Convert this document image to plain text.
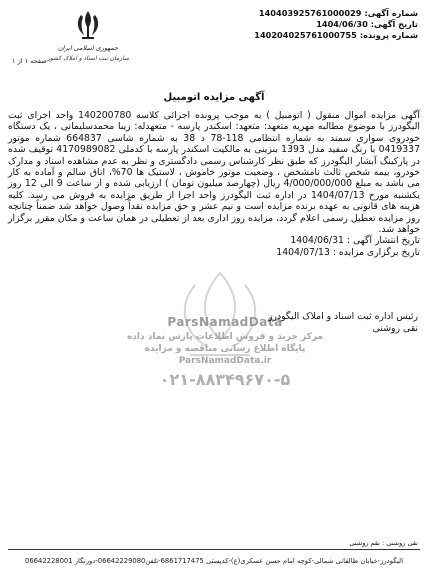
شماره آگهی:140403925761000029
تاریخ آگهی:1404/06/30
شماره پرونده:140204025761000755
جمهوری اسلامی ایران
سازمان ثبت اسناد و املاک کشور
صفحه ۱ از ۱
آگهی مزایده اتومبیل

آگهی مزایده اموال منقول ( اتومبیل ) به موجب پرونده اجرائی کلاسه 140200780 واحد اجرای ثبت الیگودرز با موضوع مطالبه مهریه متعهد: متعهد: اسکندر پارسه - متعهدله: زیبا محمدسلیمانی ، یک دستگاه خودروی سواری سمند به شماره انتظامی 118-78 د 38 به شماره شاسی 664837 شماره موتور 0419337 با رنگ سفید مدل 1393 بنزینی به مالکیت اسکندر پارسه با کدملی 4170989082 توقیف شده در پارکینگ آبشار الیگودرز که طبق نظر کارشناس رسمی دادگستری و نظر به عدم مشاهده اسناد و مدارک خودرو، بیمه شخص ثالث نامشخص ، وضعیت موتور خاموش ، لاستیک ها 70%، اتاق سالم و آماده به کار می باشد به مبلغ 4/000/000/000 ریال (چهارصد میلیون تومان ) ارزیابی شده و از ساعت 9 الی 12 روز یکشنبه مورخ 1404/07/13 در اداره ثبت الیگودرز واحد اجرا از طریق مزایده به فروش می رسد. کلیه هزینه های قانونی به عهده برنده مزایده است و نیم عشر و حق مزایده نقداً وصول خواهد شد ضمناً چنانچه روز مزایده تعطیل رسمی اعلام گردد، مزایده روز اداری بعد از تعطیلی در همان ساعت و مکان مقرر برگزار خواهد شد.

تاریخ انتشار آگهی : 1404/06/31

تاریخ برگزاری مزایده : 1404/07/13

ParsNamadData
مرکز خرید و فروش اطلاعات پارس نماد داده
پایگاه اطلاع رسانی مناقصه و مزایده
ParsNamadData.ir
۰۲۱-۸۸۳۴۹۶۷۰-۵
رئیس اداره ثبت اسناد و املاک الیگودرز
نقی روشنی
نقی روشنی : نقم روشنی
الیگودرز-خیابان طالقانی شمالی-کوچه امام حسن عسکری(ع)-کدپستی 6861717475-تلفن06642229080-دورنگار 06642228001
